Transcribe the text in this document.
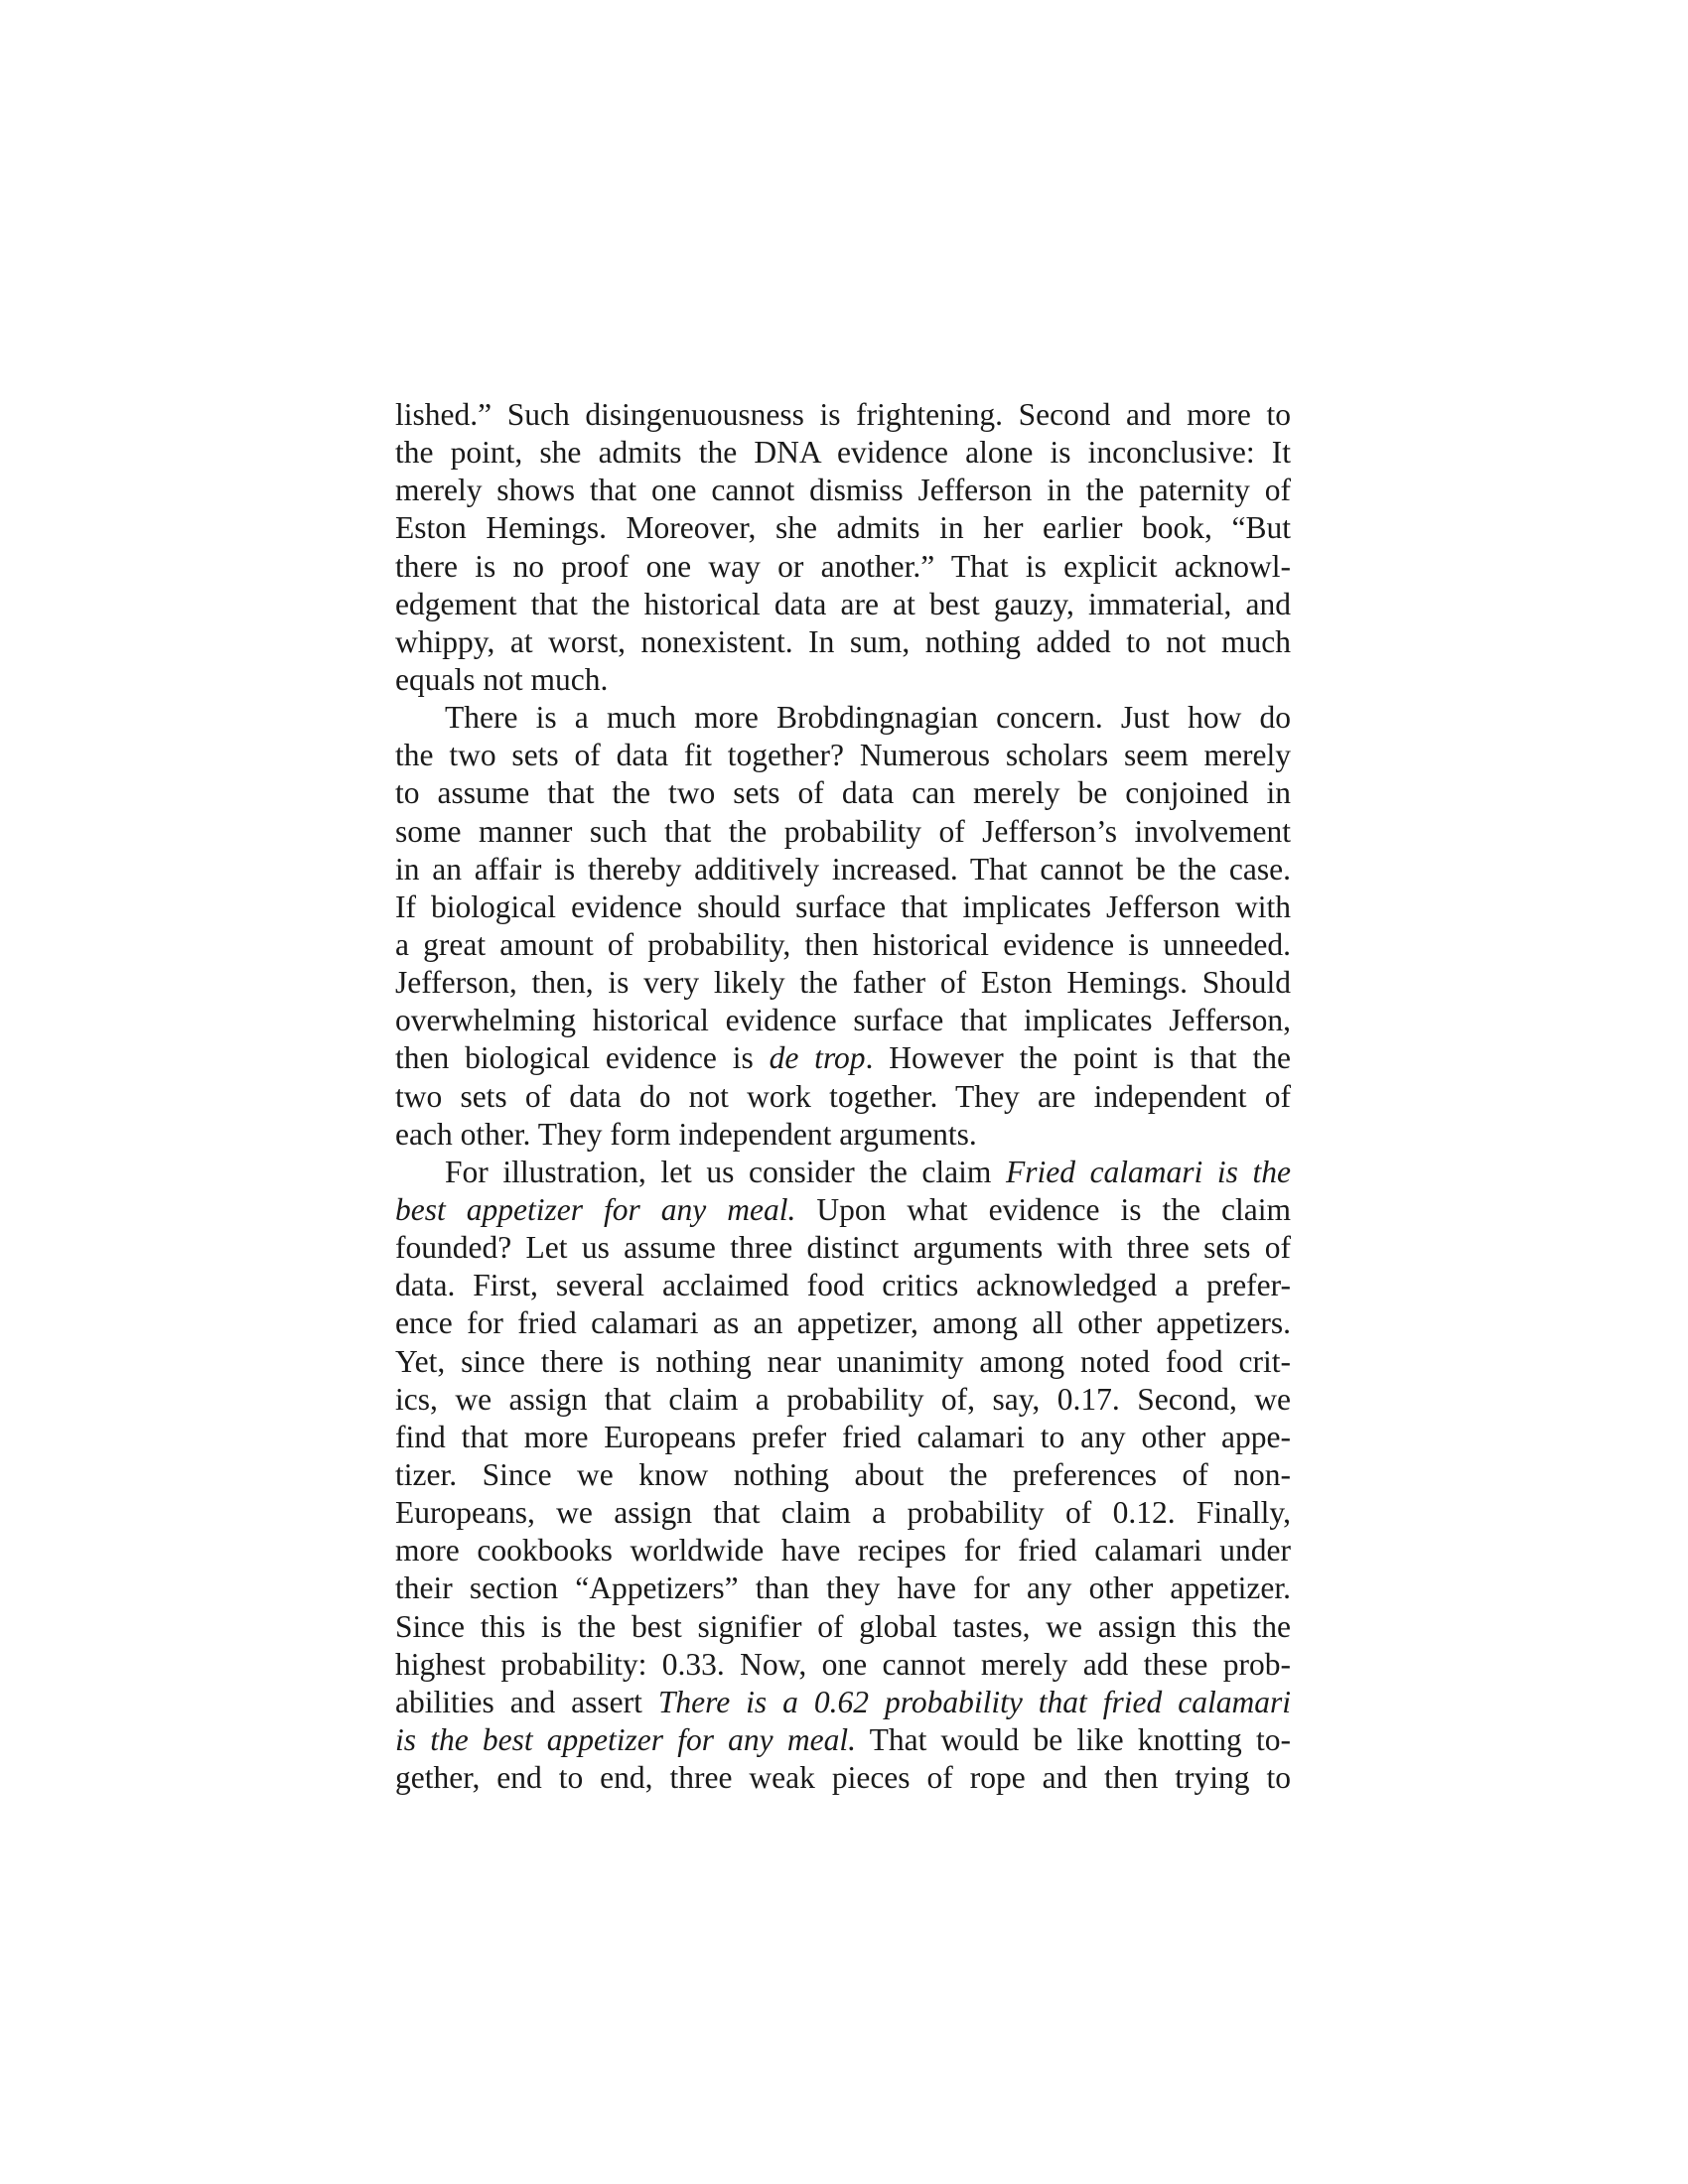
lished.” Such disingenuousness is frightening. Second and more to
the point, she admits the DNA evidence alone is inconclusive: It
merely shows that one cannot dismiss Jefferson in the paternity of
Eston Hemings. Moreover, she admits in her earlier book, “But
there is no proof one way or another.” That is explicit acknowl-
edgement that the historical data are at best gauzy, immaterial, and
whippy, at worst, nonexistent. In sum, nothing added to not much
equals not much.
There is a much more Brobdingnagian concern. Just how do
the two sets of data fit together? Numerous scholars seem merely
to assume that the two sets of data can merely be conjoined in
some manner such that the probability of Jefferson’s involvement
in an affair is thereby additively increased. That cannot be the case.
If biological evidence should surface that implicates Jefferson with
a great amount of probability, then historical evidence is unneeded.
Jefferson, then, is very likely the father of Eston Hemings. Should
overwhelming historical evidence surface that implicates Jefferson,
then biological evidence is de trop. However the point is that the
two sets of data do not work together. They are independent of
each other. They form independent arguments.
For illustration, let us consider the claim Fried calamari is the
best appetizer for any meal. Upon what evidence is the claim
founded? Let us assume three distinct arguments with three sets of
data. First, several acclaimed food critics acknowledged a prefer-
ence for fried calamari as an appetizer, among all other appetizers.
Yet, since there is nothing near unanimity among noted food crit-
ics, we assign that claim a probability of, say, 0.17. Second, we
find that more Europeans prefer fried calamari to any other appe-
tizer. Since we know nothing about the preferences of non-
Europeans, we assign that claim a probability of 0.12. Finally,
more cookbooks worldwide have recipes for fried calamari under
their section “Appetizers” than they have for any other appetizer.
Since this is the best signifier of global tastes, we assign this the
highest probability: 0.33. Now, one cannot merely add these prob-
abilities and assert There is a 0.62 probability that fried calamari
is the best appetizer for any meal. That would be like knotting to-
gether, end to end, three weak pieces of rope and then trying to
